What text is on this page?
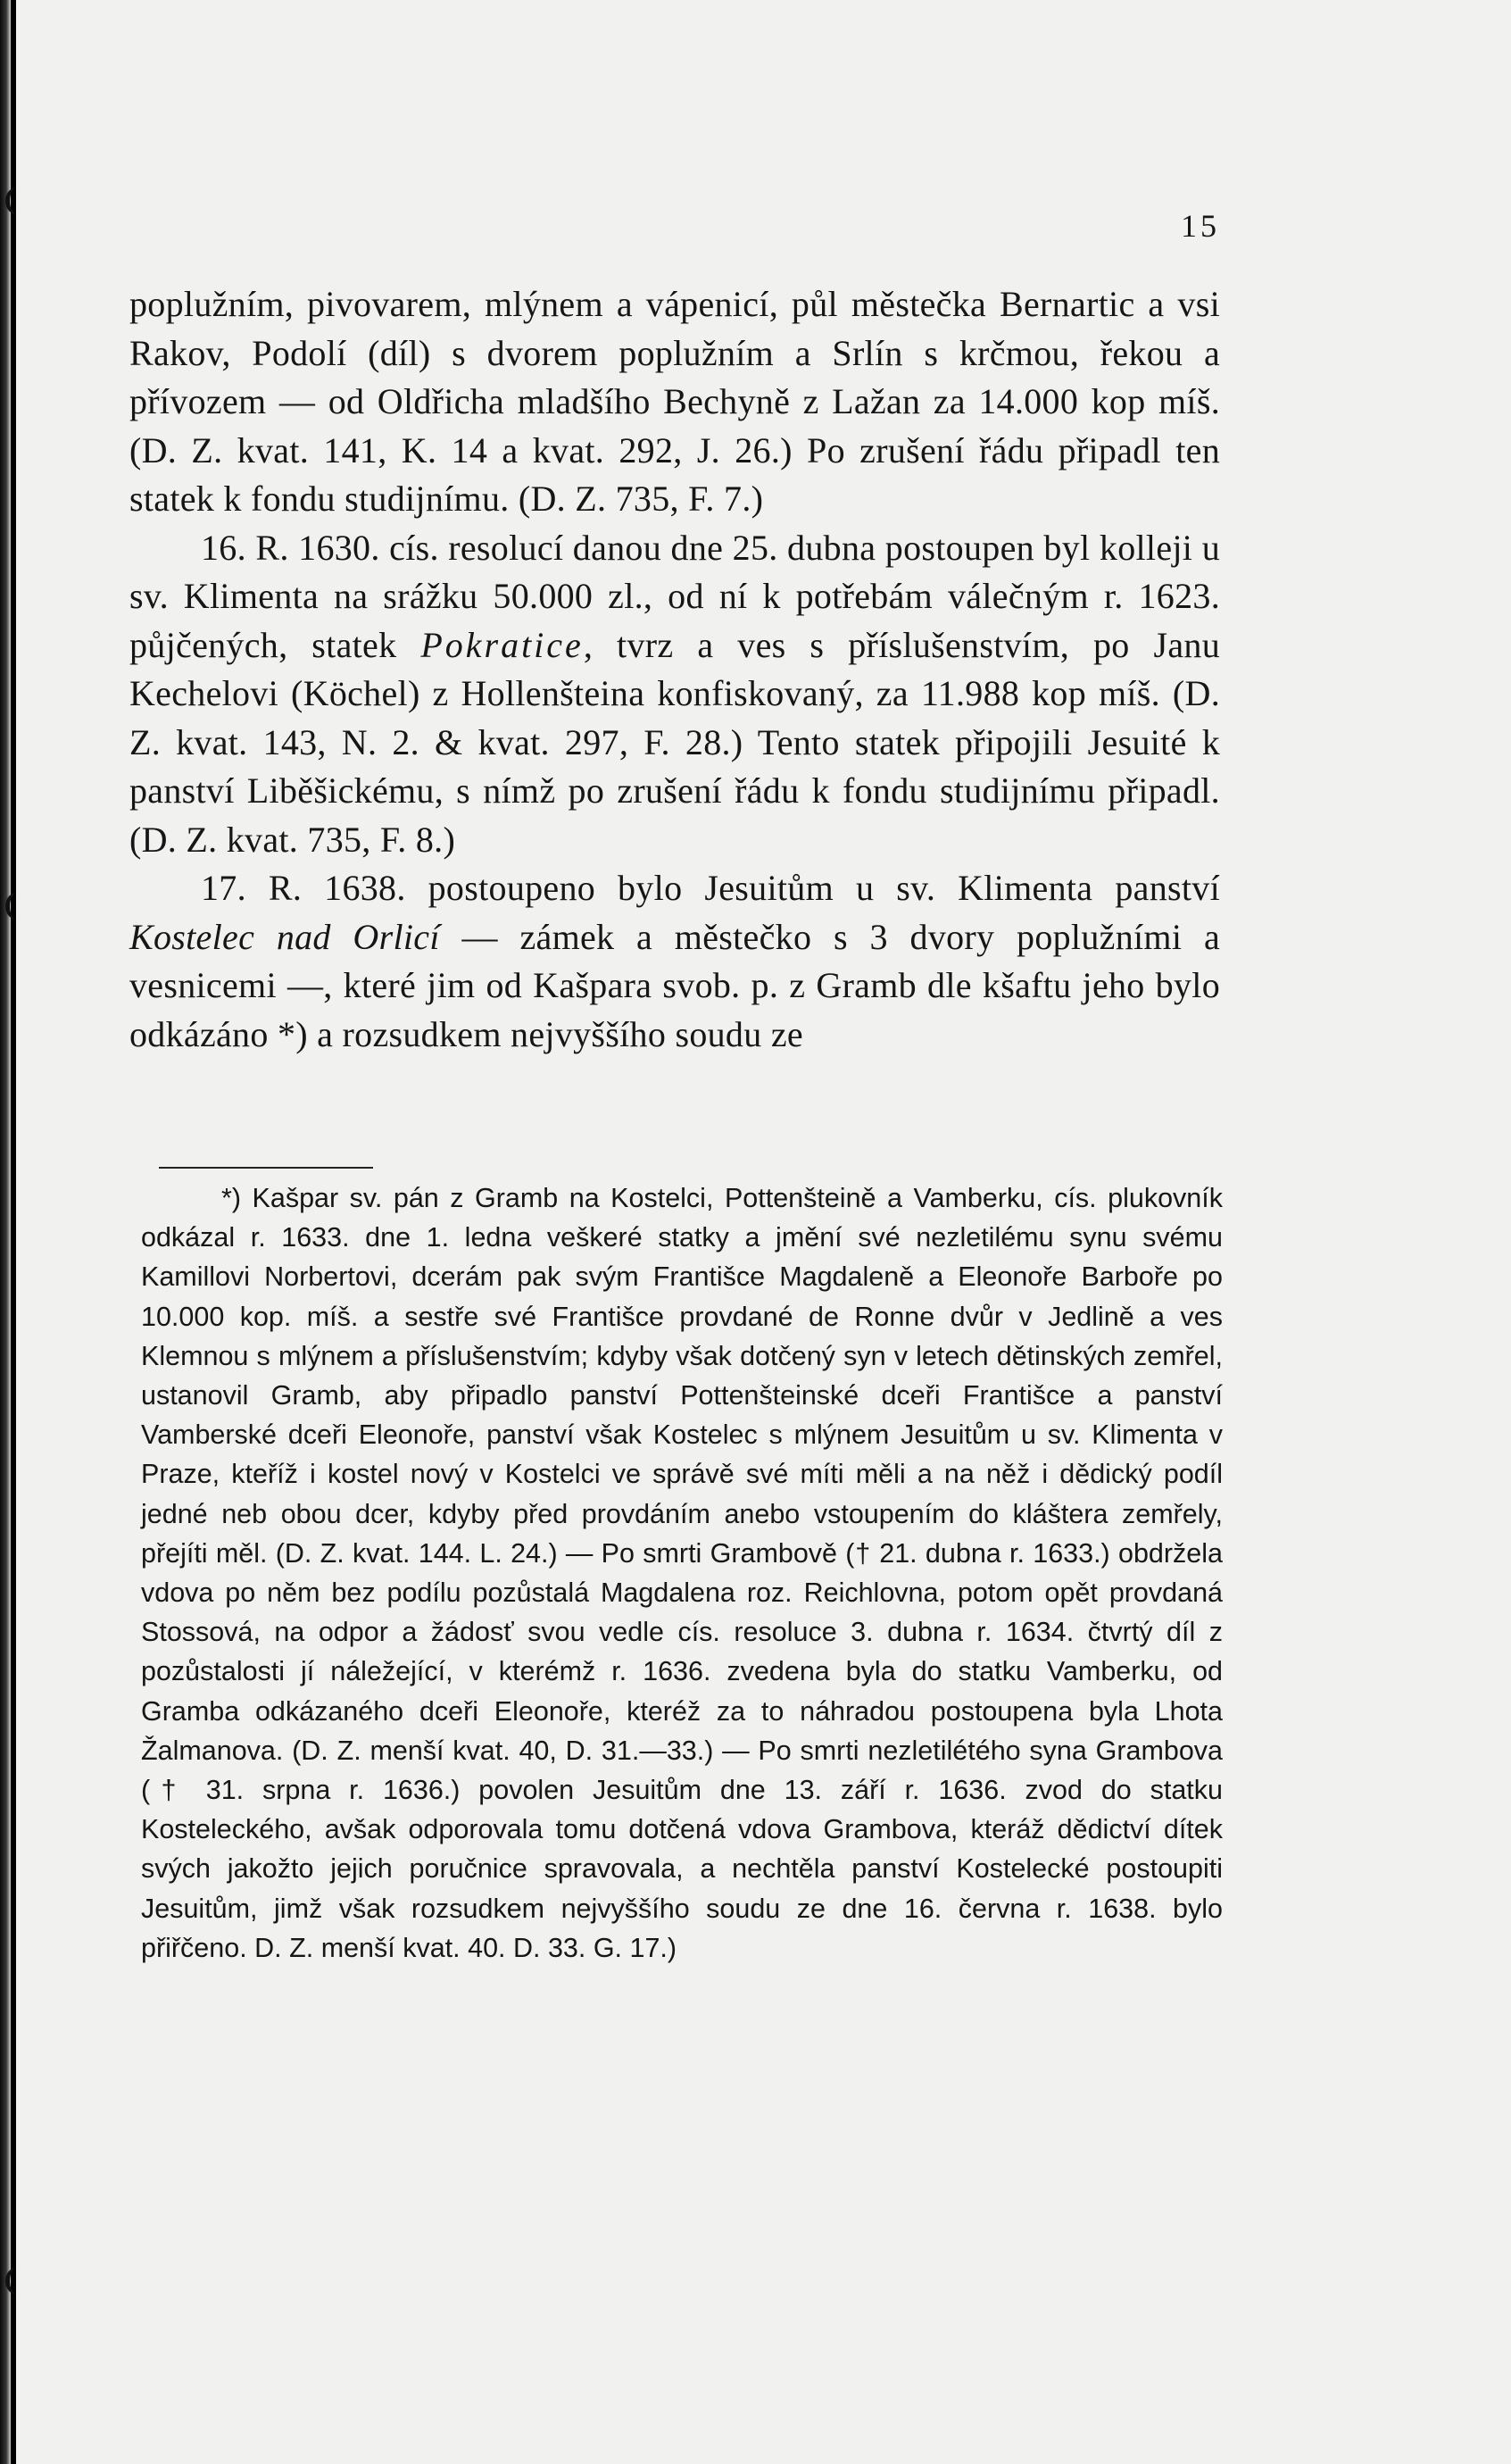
15

poplužním, pivovarem, mlýnem a vápenicí, půl městečka Bernartic a vsi Rakov, Podolí (díl) s dvorem poplužním a Srlín s krčmou, řekou a přívozem — od Oldřicha mladšího Bechyně z Lažan za 14.000 kop míš. (D. Z. kvat. 141, K. 14 a kvat. 292, J. 26.) Po zrušení řádu připadl ten statek k fondu studijnímu. (D. Z. 735, F. 7.)

16. R. 1630. cís. resolucí danou dne 25. dubna postoupen byl kolleji u sv. Klimenta na srážku 50.000 zl., od ní k potřebám válečným r. 1623. půjčených, statek Pokratice, tvrz a ves s příslušenstvím, po Janu Kechelovi (Köchel) z Hollenšteina konfiskovaný, za 11.988 kop míš. (D. Z. kvat. 143, N. 2. & kvat. 297, F. 28.) Tento statek připojili Jesuité k panství Liběšickému, s nímž po zrušení řádu k fondu studijnímu připadl. (D. Z. kvat. 735, F. 8.)

17. R. 1638. postoupeno bylo Jesuitům u sv. Klimenta panství Kostelec nad Orlicí — zámek a městečko s 3 dvory poplužními a vesnicemi —, které jim od Kašpara svob. p. z Gramb dle kšaftu jeho bylo odkázáno *) a rozsudkem nejvyššího soudu ze

*) Kašpar sv. pán z Gramb na Kostelci, Pottenšteině a Vamberku, cís. plukovník odkázal r. 1633. dne 1. ledna veškeré statky a jmění své nezletilému synu svému Kamillovi Norbertovi, dcerám pak svým Františce Magdaleně a Eleonoře Barboře po 10.000 kop. míš. a sestře své Františce provdané de Ronne dvůr v Jedlině a ves Klemnou s mlýnem a příslušenstvím; kdyby však dotčený syn v letech dětinských zemřel, ustanovil Gramb, aby připadlo panství Pottenšteinské dceři Františce a panství Vamberské dceři Eleonoře, panství však Kostelec s mlýnem Jesuitům u sv. Klimenta v Praze, kteříž i kostel nový v Kostelci ve správě své míti měli a na něž i dědický podíl jedné neb obou dcer, kdyby před provdáním anebo vstoupením do kláštera zemřely, přejíti měl. (D. Z. kvat. 144. L. 24.) — Po smrti Grambově († 21. dubna r. 1633.) obdržela vdova po něm bez podílu pozůstalá Magdalena roz. Reichlovna, potom opět provdaná Stossová, na odpor a žádosť svou vedle cís. resoluce 3. dubna r. 1634. čtvrtý díl z pozůstalosti jí náležející, v kterémž r. 1636. zvedena byla do statku Vamberku, od Gramba odkázaného dceři Eleonoře, kteréž za to náhradou postoupena byla Lhota Žalmanova. (D. Z. menší kvat. 40, D. 31.—33.) — Po smrti nezletilétého syna Grambova († 31. srpna r. 1636.) povolen Jesuitům dne 13. září r. 1636. zvod do statku Kosteleckého, avšak odporovala tomu dotčená vdova Grambova, kteráž dědictví dítek svých jakožto jejich poručnice spravovala, a nechtěla panství Kostelecké postoupiti Jesuitům, jimž však rozsudkem nejvyššího soudu ze dne 16. června r. 1638. bylo přiřčeno. D. Z. menší kvat. 40. D. 33. G. 17.)
